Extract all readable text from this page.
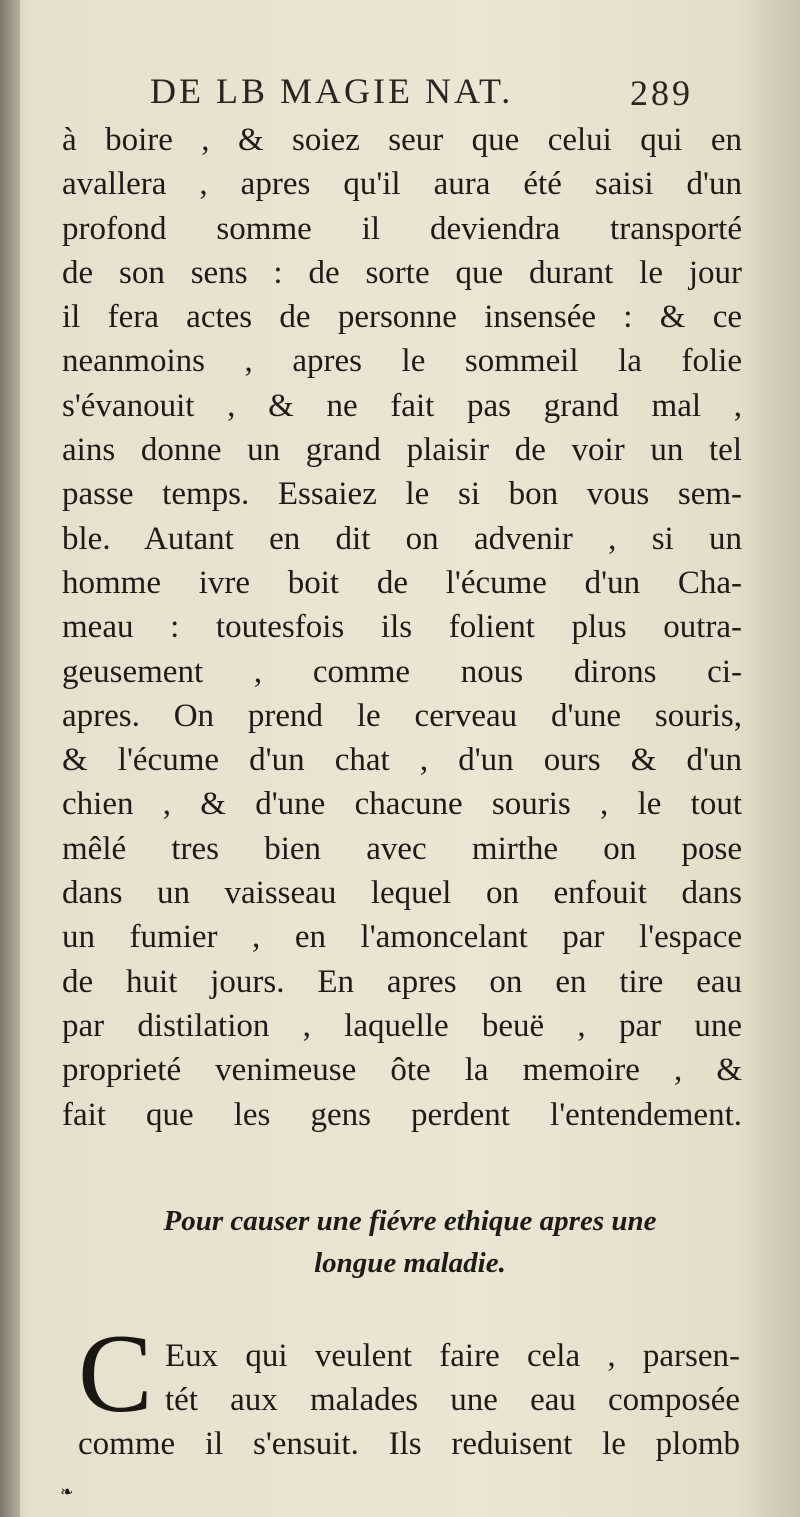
DE LB MAGIE NAT.	289
à boire , & soiez seur que celui qui en
avallera , apres qu'il aura été saisi d'un
profond somme il deviendra transporté
de son sens : de sorte que durant le jour
il fera actes de personne insensée : & ce
neanmoins , apres le sommeil la folie
s'évanouit , & ne fait pas grand mal ,
ains donne un grand plaisir de voir un tel
passe temps. Essaiez le si bon vous sem-
ble. Autant en dit on advenir , si un
homme ivre boit de l'écume d'un Cha-
meau : toutesfois ils folient plus outra-
geusement , comme nous dirons ci-
apres. On prend le cerveau d'une souris,
& l'écume d'un chat , d'un ours & d'un
chien , & d'une chacune souris , le tout
mêlé tres bien avec mirthe on pose
dans un vaisseau lequel on enfouit dans
un fumier , en l'amoncelant par l'espace
de huit jours. En apres on en tire eau
par distilation , laquelle beuë , par une
proprieté venimeuse ôte la memoire , &
fait que les gens perdent l'entendement.
Pour causer une fiévre ethique apres une
longue maladie.
C Eux qui veulent faire cela , parsen-
tét aux malades une eau composée
comme il s'ensuit. Ils reduisent le plomb
❧
